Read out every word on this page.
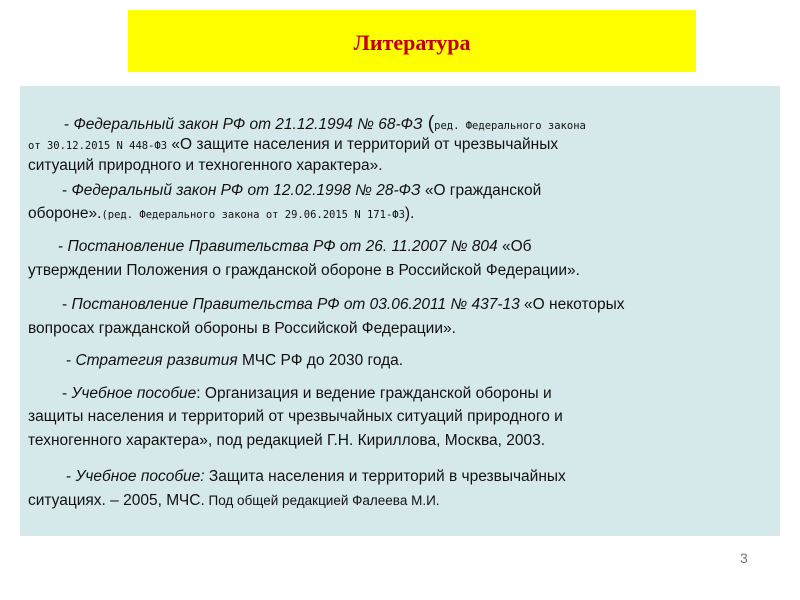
Литература
- Федеральный закон РФ от 21.12.1994 № 68-ФЗ (ред. Федерального закона
от 30.12.2015 N 448-ФЗ «О защите населения и территорий от чрезвычайных
ситуаций природного и техногенного характера».
- Федеральный закон РФ от 12.02.1998 № 28-ФЗ «О гражданской
обороне».(ред. Федерального закона от 29.06.2015 N 171-ФЗ).
- Постановление Правительства РФ от 26. 11.2007 № 804 «Об
утверждении Положения о гражданской обороне в Российской Федерации».
- Постановление Правительства РФ от 03.06.2011 № 437-13 «О некоторых
вопросах гражданской обороны в Российской Федерации».
- Стратегия развития МЧС РФ до 2030 года.
- Учебное пособие: Организация и ведение гражданской обороны и
защиты населения и территорий от чрезвычайных ситуаций природного и
техногенного характера», под редакцией Г.Н. Кириллова, Москва, 2003.
- Учебное пособие: Защита населения и территорий в чрезвычайных
ситуациях. – 2005, МЧС. Под общей редакцией Фалеева М.И.
3
